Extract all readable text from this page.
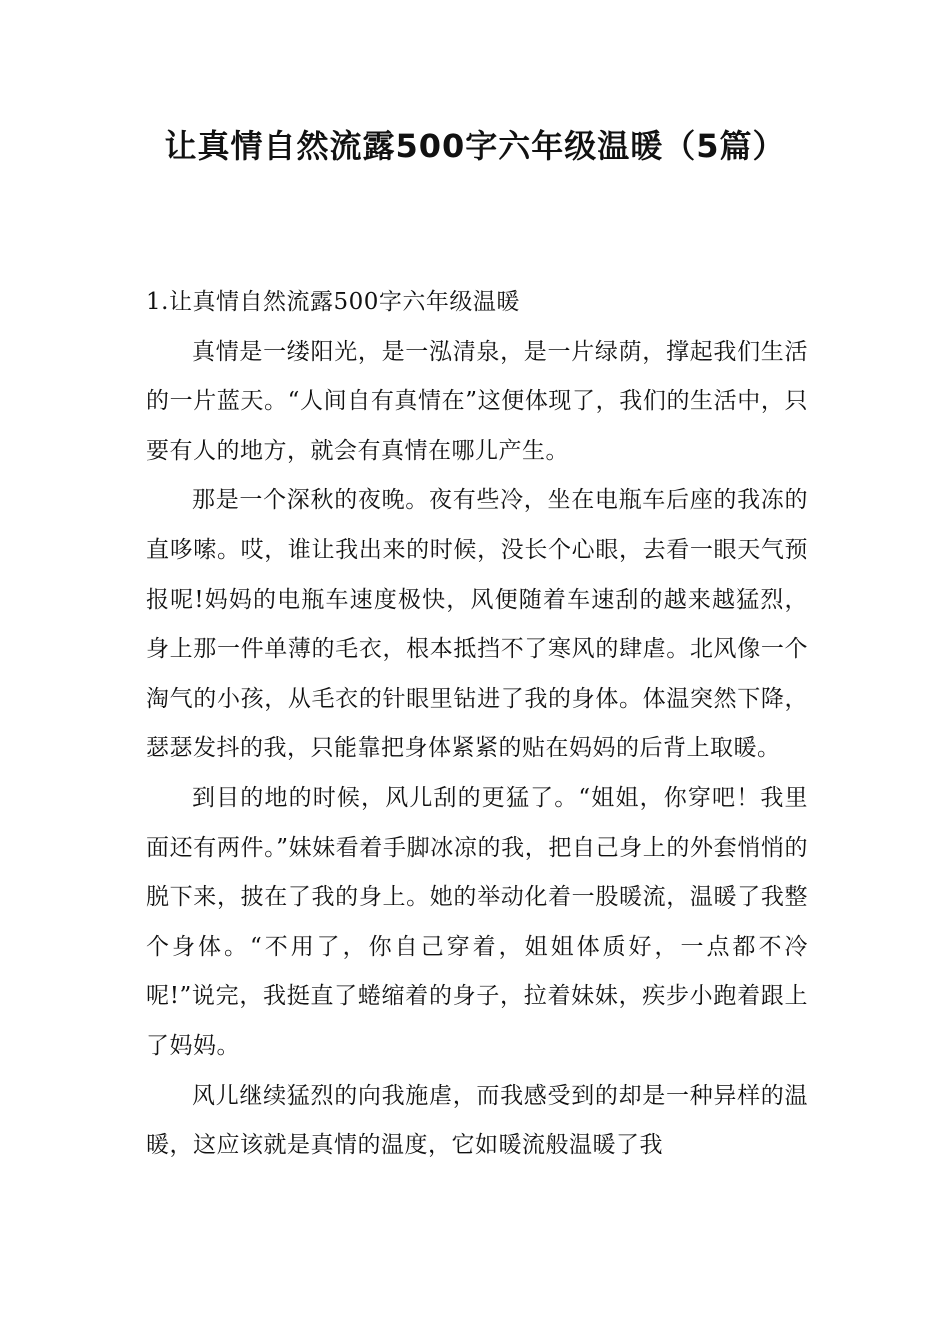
让真情自然流露500字六年级温暖（5篇）
1.让真情自然流露500字六年级温暖

真情是一缕阳光，是一泓清泉，是一片绿荫，撑起我们生活的一片蓝天。“人间自有真情在”这便体现了，我们的生活中，只要有人的地方，就会有真情在哪儿产生。

那是一个深秋的夜晚。夜有些冷，坐在电瓶车后座的我冻的直哆嗦。哎，谁让我出来的时候，没长个心眼，去看一眼天气预报呢!妈妈的电瓶车速度极快，风便随着车速刮的越来越猛烈，身上那一件单薄的毛衣，根本抵挡不了寒风的肆虐。北风像一个淘气的小孩，从毛衣的针眼里钻进了我的身体。体温突然下降，瑟瑟发抖的我，只能靠把身体紧紧的贴在妈妈的后背上取暖。

到目的地的时候，风儿刮的更猛了。“姐姐，你穿吧！我里面还有两件。”妹妹看着手脚冰凉的我，把自己身上的外套悄悄的脱下来，披在了我的身上。她的举动化着一股暖流，温暖了我整个身体。“不用了，你自己穿着，姐姐体质好，一点都不冷呢!”说完，我挺直了蜷缩着的身子，拉着妹妹，疾步小跑着跟上了妈妈。

风儿继续猛烈的向我施虐，而我感受到的却是一种异样的温暖，这应该就是真情的温度，它如暖流般温暖了我
